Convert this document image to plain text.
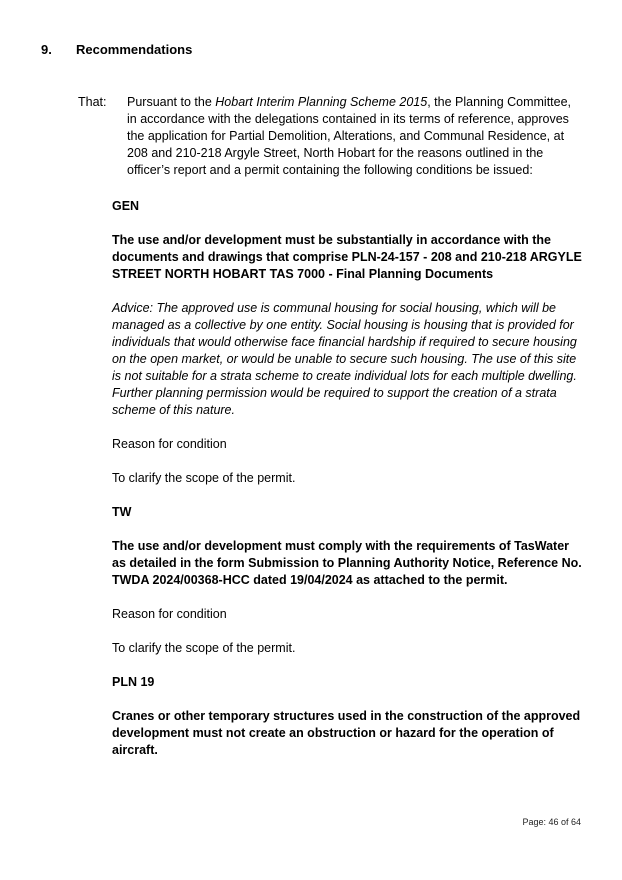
9. Recommendations
That: Pursuant to the Hobart Interim Planning Scheme 2015, the Planning Committee, in accordance with the delegations contained in its terms of reference, approves the application for Partial Demolition, Alterations, and Communal Residence, at 208 and 210-218 Argyle Street, North Hobart for the reasons outlined in the officer’s report and a permit containing the following conditions be issued:

GEN

The use and/or development must be substantially in accordance with the documents and drawings that comprise PLN-24-157 - 208 and 210-218 ARGYLE STREET NORTH HOBART TAS 7000 - Final Planning Documents

Advice: The approved use is communal housing for social housing, which will be managed as a collective by one entity. Social housing is housing that is provided for individuals that would otherwise face financial hardship if required to secure housing on the open market, or would be unable to secure such housing. The use of this site is not suitable for a strata scheme to create individual lots for each multiple dwelling. Further planning permission would be required to support the creation of a strata scheme of this nature.

Reason for condition

To clarify the scope of the permit.

TW

The use and/or development must comply with the requirements of TasWater as detailed in the form Submission to Planning Authority Notice, Reference No. TWDA 2024/00368-HCC dated 19/04/2024 as attached to the permit.

Reason for condition

To clarify the scope of the permit.

PLN 19

Cranes or other temporary structures used in the construction of the approved development must not create an obstruction or hazard for the operation of aircraft.

Page: 46 of 64
